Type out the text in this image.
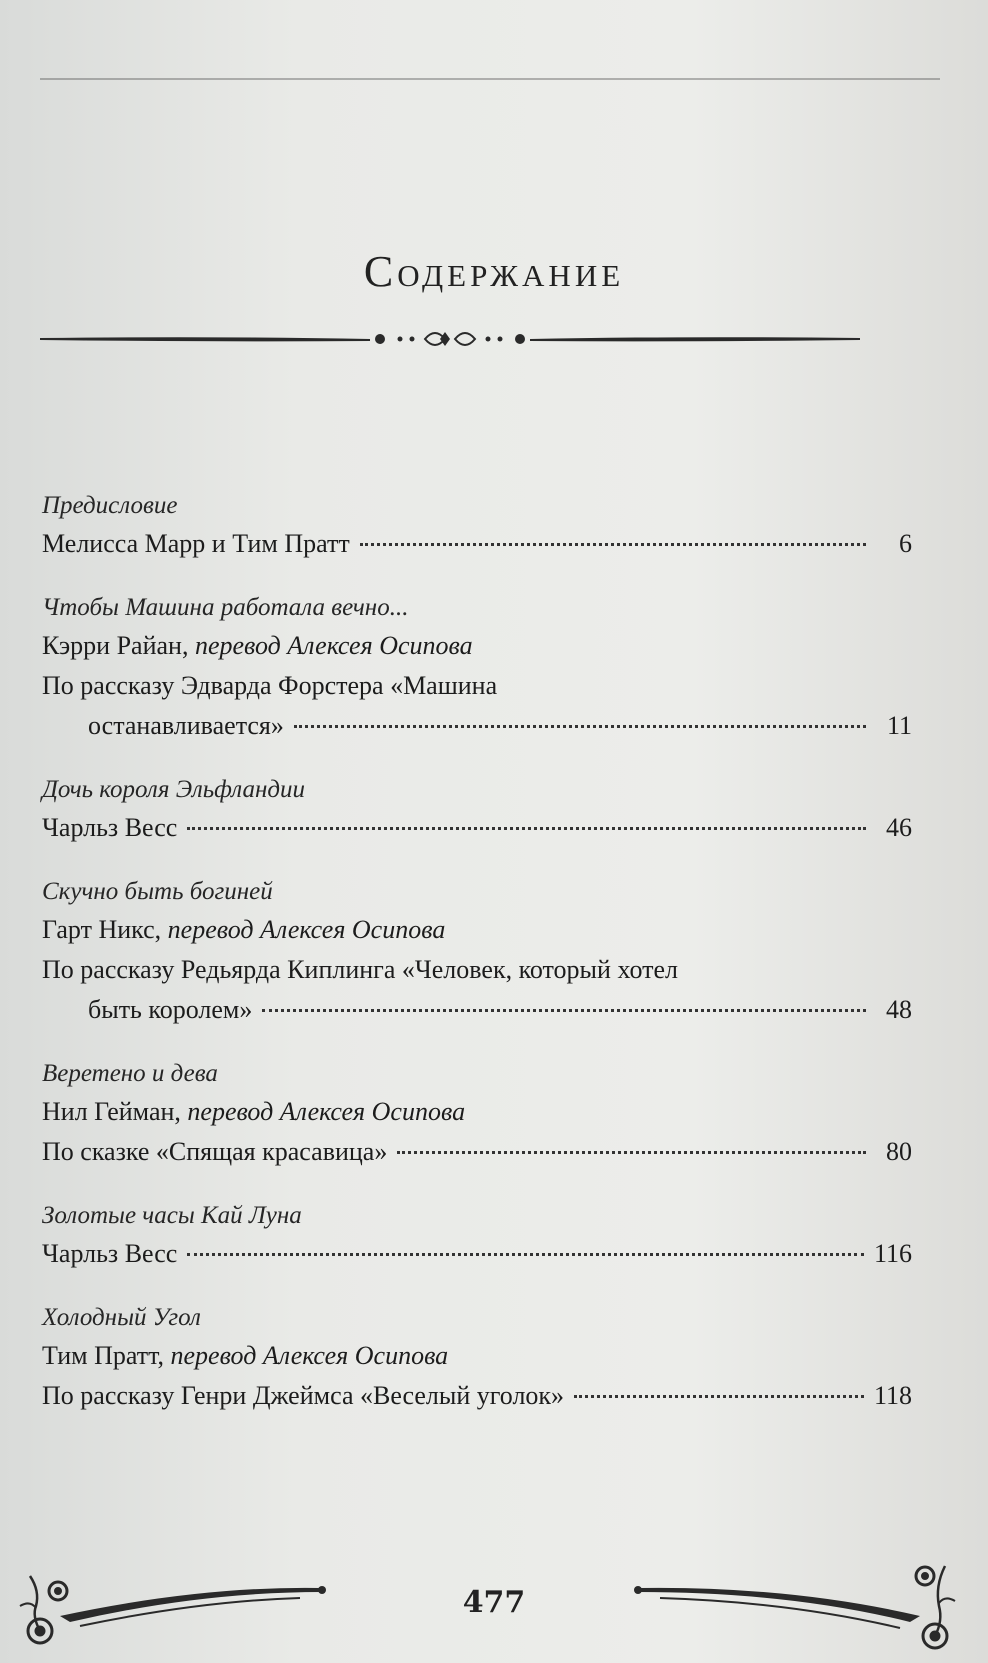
Содержание
Предисловие
Мелисса Марр и Тим Пратт	6
Чтобы Машина работала вечно...
Кэрри Райан, перевод Алексея Осипова
По рассказу Эдварда Форстера «Машина
останавливается»	11
Дочь короля Эльфландии
Чарльз Весс	46
Скучно быть богиней
Гарт Никс, перевод Алексея Осипова
По рассказу Редьярда Киплинга «Человек, который хотел
быть королем»	48
Веретено и дева
Нил Гейман, перевод Алексея Осипова
По сказке «Спящая красавица»	80
Золотые часы Кай Луна
Чарльз Весс	116
Холодный Угол
Тим Пратт, перевод Алексея Осипова
По рассказу Генри Джеймса «Веселый уголок»	118
477
